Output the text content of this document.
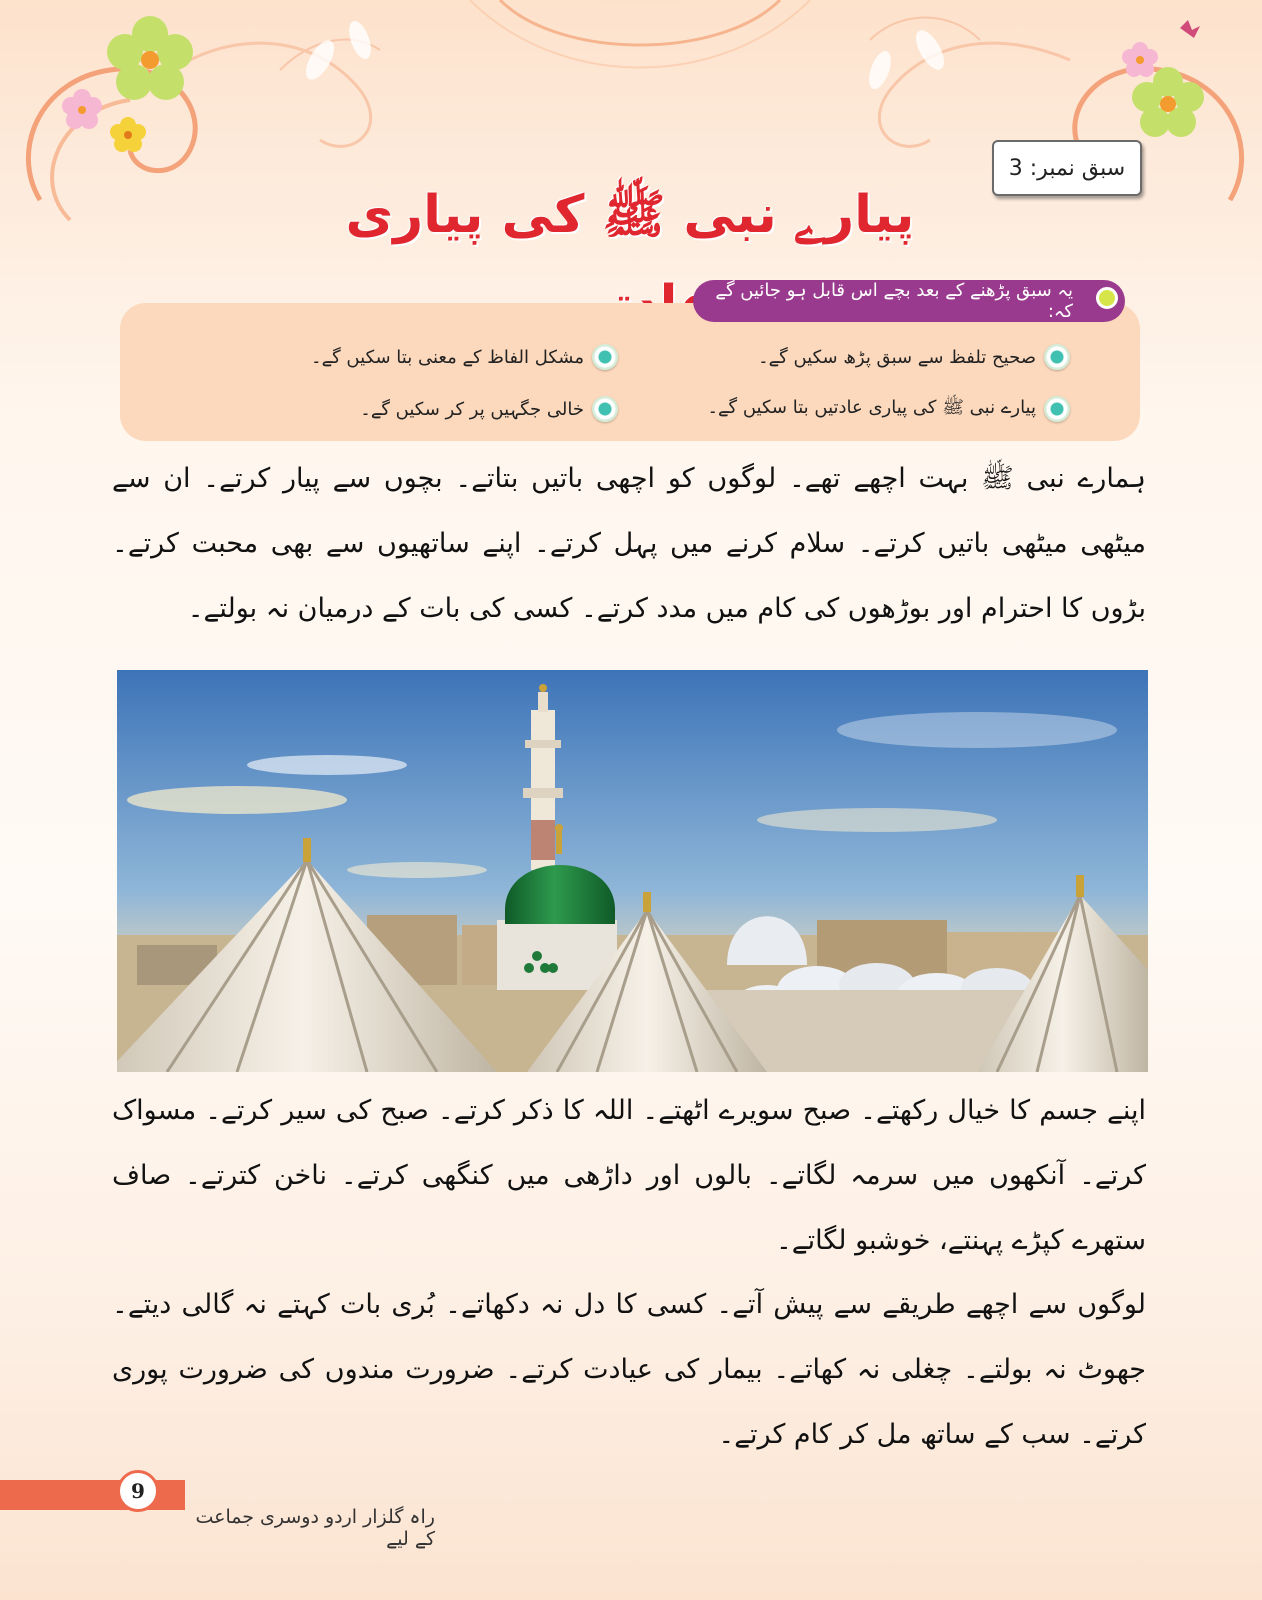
سبق نمبر: 3
پیارے نبی ﷺ کی پیاری
یہ سبق پڑھنے کے بعد بچے اس قابل ہو جائیں گے کہ:
صحیح تلفظ سے سبق پڑھ سکیں گے۔
مشکل الفاظ کے معنی بتا سکیں گے۔
پیارے نبی ﷺ کی پیاری عادتیں بتا سکیں گے۔
خالی جگہیں پر کر سکیں گے۔

ہمارے نبی ﷺ بہت اچھے تھے۔ لوگوں کو اچھی باتیں بتاتے۔ بچوں سے پیار کرتے۔ ان سے میٹھی میٹھی باتیں کرتے۔ سلام کرنے میں پہل کرتے۔ اپنے ساتھیوں سے بھی محبت کرتے۔ بڑوں کا احترام اور بوڑھوں کی کام میں مدد کرتے۔ کسی کی بات کے درمیان نہ بولتے۔

اپنے جسم کا خیال رکھتے۔ صبح سویرے اٹھتے۔ اللہ کا ذکر کرتے۔ صبح کی سیر کرتے۔ مسواک کرتے۔ آنکھوں میں سرمہ لگاتے۔ بالوں اور داڑھی میں کنگھی کرتے۔ ناخن کترتے۔ صاف ستھرے کپڑے پہنتے، خوشبو لگاتے۔

لوگوں سے اچھے طریقے سے پیش آتے۔ کسی کا دل نہ دکھاتے۔ بُری بات کہتے نہ گالی دیتے۔ جھوٹ نہ بولتے۔ چغلی نہ کھاتے۔ بیمار کی عیادت کرتے۔ ضرورت مندوں کی ضرورت پوری کرتے۔ سب کے ساتھ مل کر کام کرتے۔

9
راہ گلزار اردو دوسری جماعت کے لیے
